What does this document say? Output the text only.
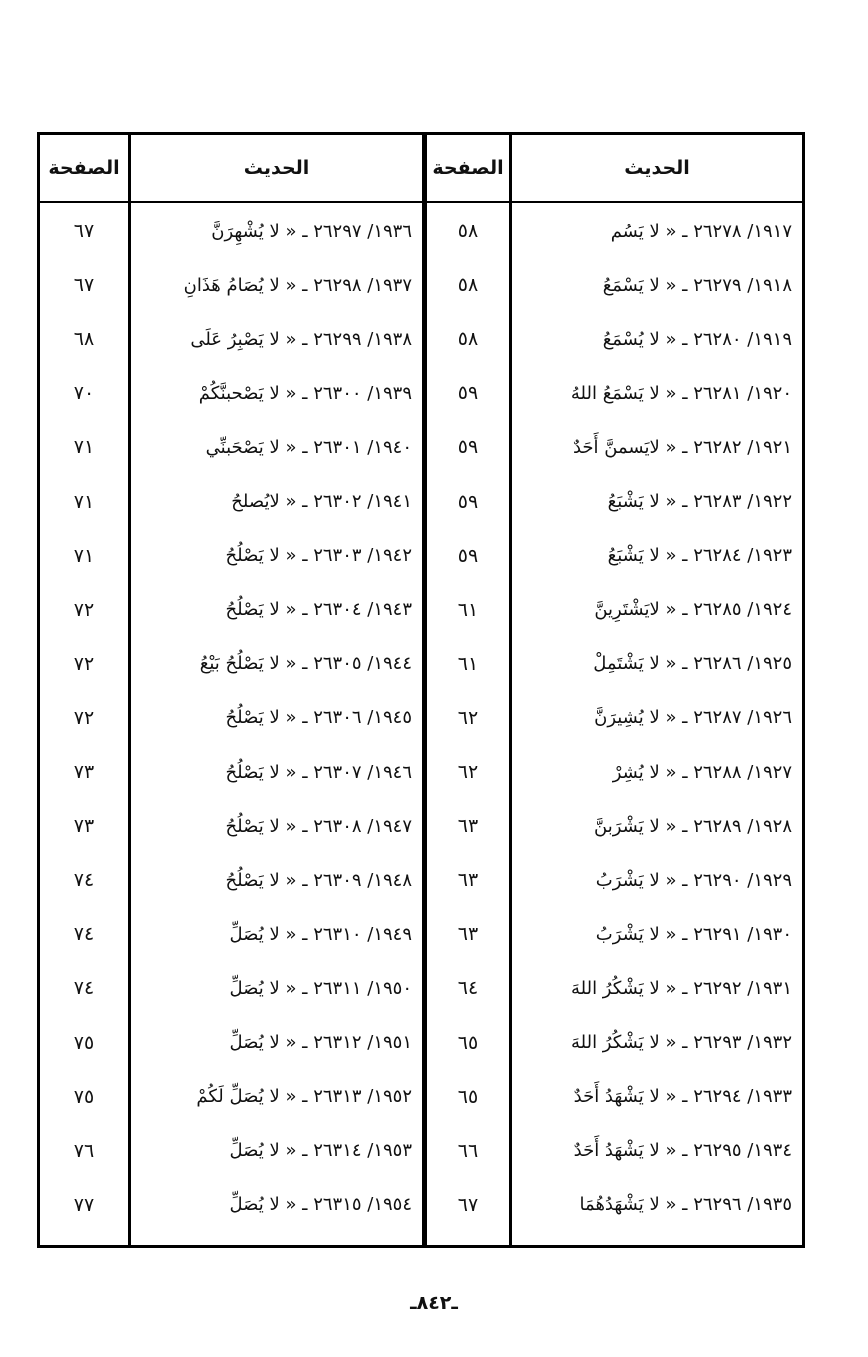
الحديث
الصفحة
الحديث
الصفحة
١٩١٧/ ٢٦٢٧٨ ـ « لا يَسُم
٥٨
١٩٣٦/ ٢٦٢٩٧ ـ « لا يُشْهِرَنَّ
٦٧
١٩١٨/ ٢٦٢٧٩ ـ « لا يَسْمَعُ
٥٨
١٩٣٧/ ٢٦٢٩٨ ـ « لا يُصَامُ هَذَانِ
٦٧
١٩١٩/ ٢٦٢٨٠ ـ « لا يُسْمَعُ
٥٨
١٩٣٨/ ٢٦٢٩٩ ـ « لا يَصْبِرُ عَلَى
٦٨
١٩٢٠/ ٢٦٢٨١ ـ « لا يَسْمَعُ اللهُ
٥٩
١٩٣٩/ ٢٦٣٠٠ ـ « لا يَصْحبنَّكُمْ
٧٠
١٩٢١/ ٢٦٢٨٢ ـ « لايَسمنَّ أَحَدٌ
٥٩
١٩٤٠/ ٢٦٣٠١ ـ « لا يَصْحَبنِّي
٧١
١٩٢٢/ ٢٦٢٨٣ ـ « لا يَشْبَعُ
٥٩
١٩٤١/ ٢٦٣٠٢ ـ « لايُصلحُ
٧١
١٩٢٣/ ٢٦٢٨٤ ـ « لا يَشْبَعُ
٥٩
١٩٤٢/ ٢٦٣٠٣ ـ « لا يَصْلُحُ
٧١
١٩٢٤/ ٢٦٢٨٥ ـ « لايَشْتَرِينَّ
٦١
١٩٤٣/ ٢٦٣٠٤ ـ « لا يَصْلُحُ
٧٢
١٩٢٥/ ٢٦٢٨٦ ـ « لا يَشْتَمِلْ
٦١
١٩٤٤/ ٢٦٣٠٥ ـ « لا يَصْلُحُ بَيْعُ
٧٢
١٩٢٦/ ٢٦٢٨٧ ـ « لا يُشِيرَنَّ
٦٢
١٩٤٥/ ٢٦٣٠٦ ـ « لا يَصْلُحُ
٧٢
١٩٢٧/ ٢٦٢٨٨ ـ « لا يُشِرْ
٦٢
١٩٤٦/ ٢٦٣٠٧ ـ « لا يَصْلُحُ
٧٣
١٩٢٨/ ٢٦٢٨٩ ـ « لا يَشْرَبنَّ
٦٣
١٩٤٧/ ٢٦٣٠٨ ـ « لا يَصْلُحُ
٧٣
١٩٢٩/ ٢٦٢٩٠ ـ « لا يَشْرَبُ
٦٣
١٩٤٨/ ٢٦٣٠٩ ـ « لا يَصْلُحُ
٧٤
١٩٣٠/ ٢٦٢٩١ ـ « لا يَشْرَبُ
٦٣
١٩٤٩/ ٢٦٣١٠ ـ « لا يُصَلِّ
٧٤
١٩٣١/ ٢٦٢٩٢ ـ « لا يَشْكُرُ اللهَ
٦٤
١٩٥٠/ ٢٦٣١١ ـ « لا يُصَلِّ
٧٤
١٩٣٢/ ٢٦٢٩٣ ـ « لا يَشْكُرُ اللهَ
٦٥
١٩٥١/ ٢٦٣١٢ ـ « لا يُصَلِّ
٧٥
١٩٣٣/ ٢٦٢٩٤ ـ « لا يَشْهَدُ أَحَدٌ
٦٥
١٩٥٢/ ٢٦٣١٣ ـ « لا يُصَلِّ لَكُمْ
٧٥
١٩٣٤/ ٢٦٢٩٥ ـ « لا يَشْهَدُ أَحَدٌ
٦٦
١٩٥٣/ ٢٦٣١٤ ـ « لا يُصَلِّ
٧٦
١٩٣٥/ ٢٦٢٩٦ ـ « لا يَشْهَدُهُمَا
٦٧
١٩٥٤/ ٢٦٣١٥ ـ « لا يُصَلِّ
٧٧
ـ٨٤٢ـ
